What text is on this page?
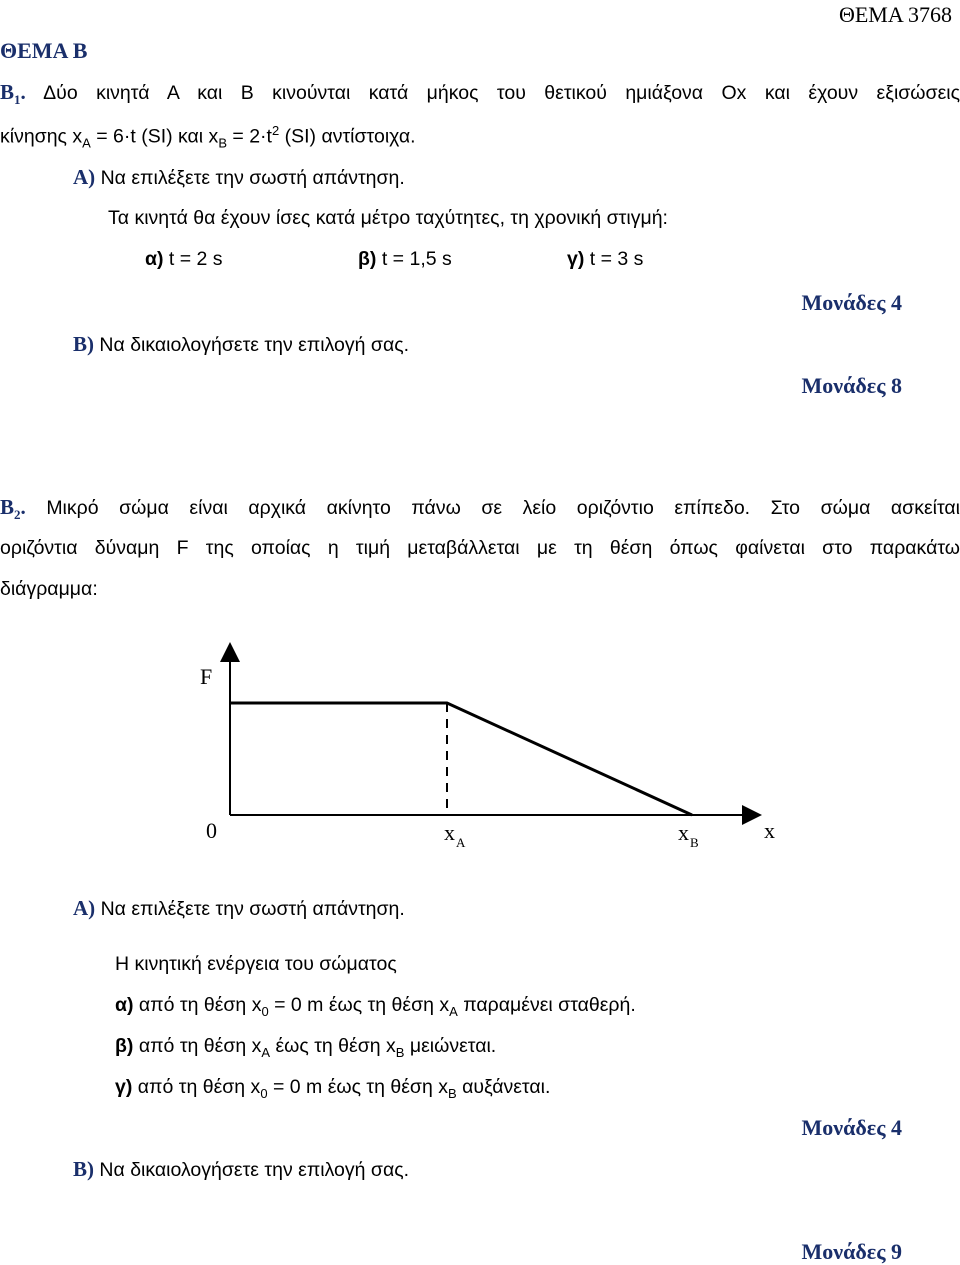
ΘΕΜΑ 3768
ΘΕΜΑ Β
$B_1$. Δύο κινητά Α και Β κινούνται κατά μήκος του θετικού ημιάξονα Οx και έχουν εξισώσεις
κίνησης $x_A = 6\cdot t$ (SI) και $x_B = 2\cdot t^2$ (SI) αντίστοιχα.
Α) Να επιλέξετε την σωστή απάντηση.
Τα κινητά θα έχουν ίσες κατά μέτρο ταχύτητες, τη χρονική στιγμή:
α) t = 2 s	β) t = 1,5 s	γ) t = 3 s
Μονάδες 4
Β) Να δικαιολογήσετε την επιλογή σας.
Μονάδες 8
$B_2$. Μικρό σώμα είναι αρχικά ακίνητο πάνω σε λείο οριζόντιο επίπεδο. Στο σώμα ασκείται
οριζόντια δύναμη F της οποίας η τιμή μεταβάλλεται με τη θέση όπως φαίνεται στο παρακάτω
διάγραμμα:
F
0	x A	x B	x
Α) Να επιλέξετε την σωστή απάντηση.
Η κινητική ενέργεια του σώματος
α) από τη θέση $x_0 = 0$ m έως τη θέση $x_A$ παραμένει σταθερή.
β) από τη θέση $x_A$ έως τη θέση $x_B$ μειώνεται.
γ) από τη θέση $x_0 = 0$ m έως τη θέση $x_B$ αυξάνεται.
Μονάδες 4
Β) Να δικαιολογήσετε την επιλογή σας.
Μονάδες 9
